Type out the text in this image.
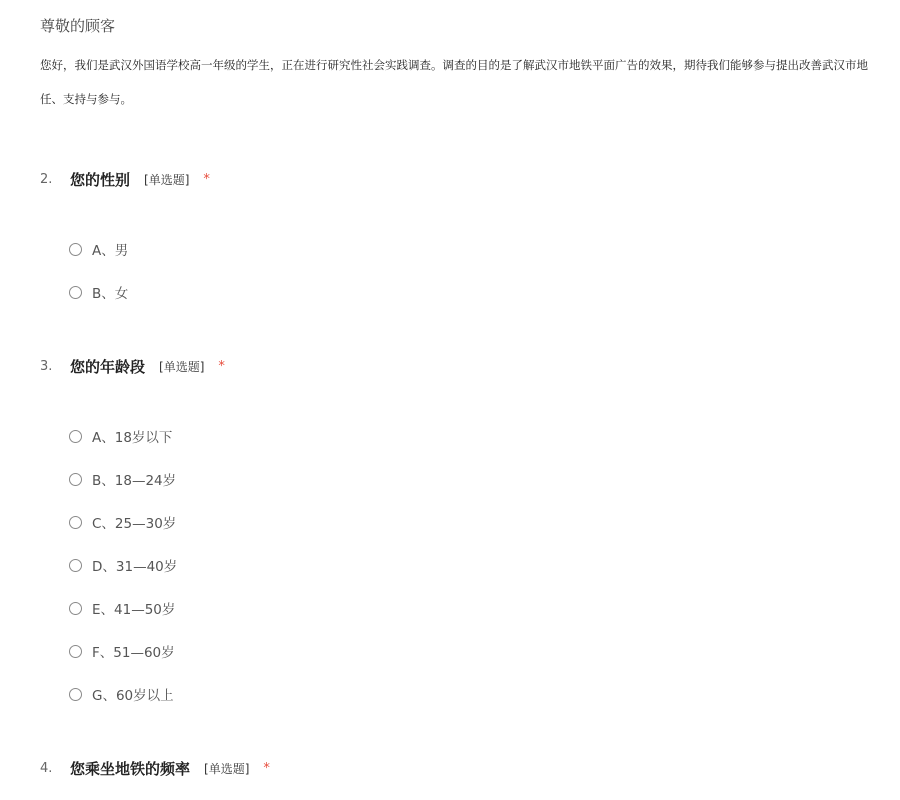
尊敬的顾客
您好，我们是武汉外国语学校高一年级的学生，正在进行研究性社会实践调查。调查的目的是了解武汉市地铁平面广告的效果，期待我们能够参与提出改善武汉市地
任、支持与参与。
2.	您的性别 [单选题] *
A、男
B、女
3.	您的年龄段 [单选题] *
A、18岁以下
B、18—24岁
C、25—30岁
D、31—40岁
E、41—50岁
F、51—60岁
G、60岁以上
4.	您乘坐地铁的频率 [单选题] *
